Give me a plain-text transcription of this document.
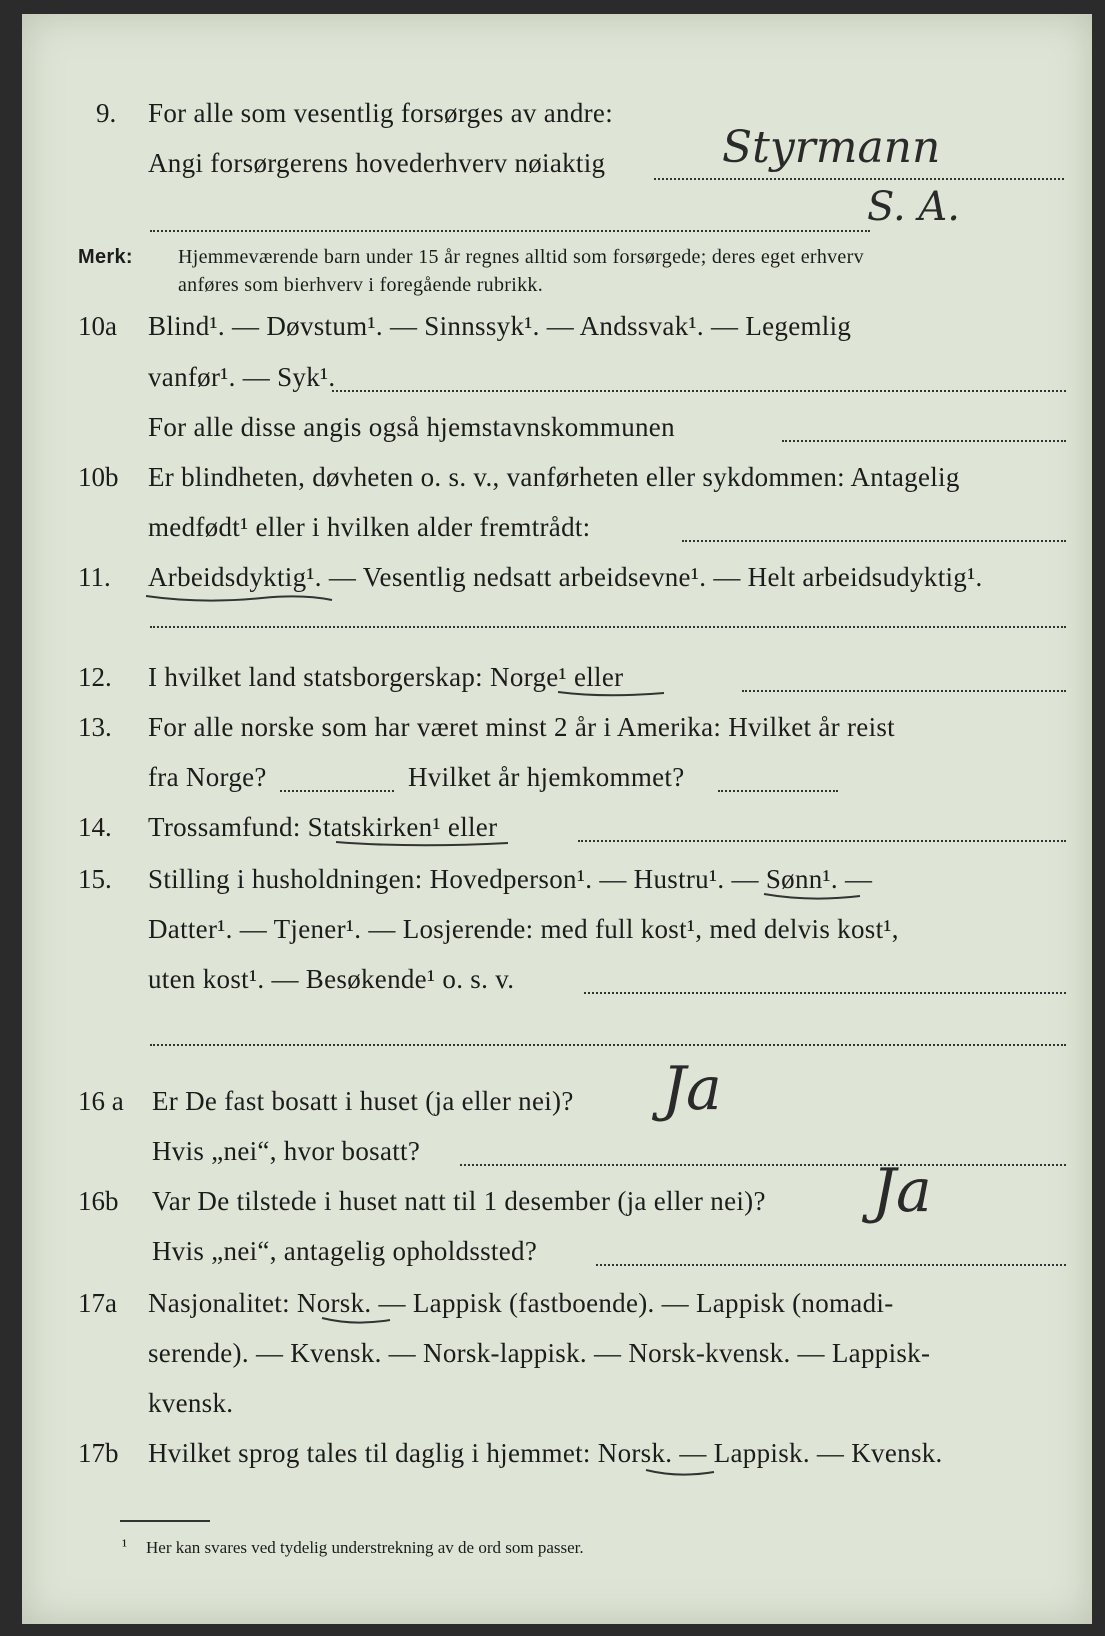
9. For alle som vesentlig forsørges av andre:
Angi forsørgerens hovederhverv nøiaktig	Styrmann
S. A.
Merk: Hjemmeværende barn under 15 år regnes alltid som forsørgede; deres eget erhverv
anføres som bierhverv i foregående rubrikk.
10a Blind¹. — Døvstum¹. — Sinnssyk¹. — Andssvak¹. — Legemlig
vanfør¹. — Syk¹.
For alle disse angis også hjemstavnskommunen
10b Er blindheten, døvheten o. s. v., vanførheten eller sykdommen: Antagelig
medfødt¹ eller i hvilken alder fremtrådt:
11. Arbeidsdyktig¹. — Vesentlig nedsatt arbeidsevne¹. — Helt arbeidsudyktig¹.
12. I hvilket land statsborgerskap: Norge¹ eller
13. For alle norske som har været minst 2 år i Amerika: Hvilket år reist
fra Norge?	Hvilket år hjemkommet?
14. Trossamfund: Statskirken¹ eller
15. Stilling i husholdningen: Hovedperson¹. — Hustru¹. — Sønn¹. —
Datter¹. — Tjener¹. — Losjerende: med full kost¹, med delvis kost¹,
uten kost¹. — Besøkende¹ o. s. v.
16 a Er De fast bosatt i huset (ja eller nei)? Ja
Hvis „nei“, hvor bosatt?
16b Var De tilstede i huset natt til 1 desember (ja eller nei)? Ja
Hvis „nei“, antagelig opholdssted?
17a Nasjonalitet: Norsk. — Lappisk (fastboende). — Lappisk (nomadi-
serende). — Kvensk. — Norsk-lappisk. — Norsk-kvensk. — Lappisk-
kvensk.
17b Hvilket sprog tales til daglig i hjemmet: Norsk. — Lappisk. — Kvensk.
¹ Her kan svares ved tydelig understrekning av de ord som passer.
